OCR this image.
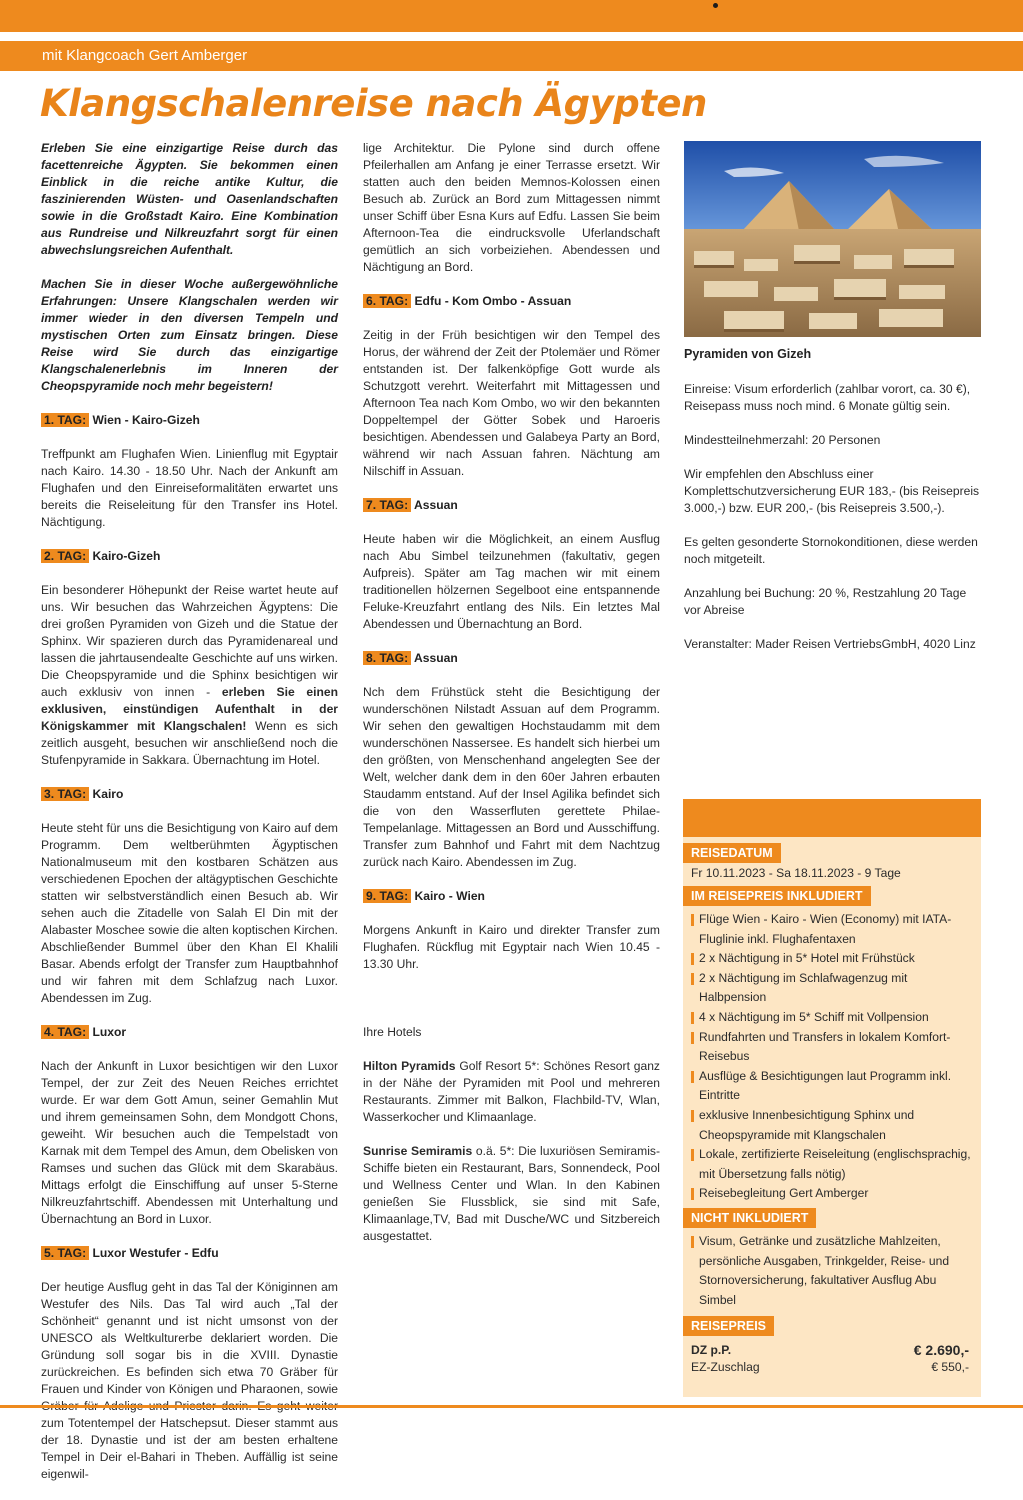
mit Klangcoach Gert Amberger
Klangschalenreise nach Ägypten

Erleben Sie eine einzigartige Reise durch das facettenreiche Ägypten. Sie bekommen einen Einblick in die reiche antike Kultur, die faszinierenden Wüsten- und Oasenlandschaften sowie in die Großstadt Kairo. Eine Kombination aus Rundreise und Nilkreuzfahrt sorgt für einen abwechslungsreichen Aufenthalt.

Machen Sie in dieser Woche außergewöhnliche Erfahrungen: Unsere Klangschalen werden wir immer wieder in den diversen Tempeln und mystischen Orten zum Einsatz bringen. Diese Reise wird Sie durch das einzigartige Klangschalenerlebnis im Inneren der Cheopspyramide noch mehr begeistern!

1. TAG: Wien - Kairo-Gizeh

Treffpunkt am Flughafen Wien. Linienflug mit Egyptair nach Kairo. 14.30 - 18.50 Uhr. Nach der Ankunft am Flughafen und den Einreiseformalitäten erwartet uns bereits die Reiseleitung für den Transfer ins Hotel. Nächtigung.

2. TAG: Kairo-Gizeh

Ein besonderer Höhepunkt der Reise wartet heute auf uns. Wir besuchen das Wahrzeichen Ägyptens: Die drei großen Pyramiden von Gizeh und die Statue der Sphinx. Wir spazieren durch das Pyramidenareal und lassen die jahrtausendealte Geschichte auf uns wirken. Die Cheopspyramide und die Sphinx besichtigen wir auch exklusiv von innen - erleben Sie einen exklusiven, einstündigen Aufenthalt in der Königskammer mit Klangschalen! Wenn es sich zeitlich ausgeht, besuchen wir anschließend noch die Stufenpyramide in Sakkara. Übernachtung im Hotel.

3. TAG: Kairo

Heute steht für uns die Besichtigung von Kairo auf dem Programm. Dem weltberühmten Ägyptischen Nationalmuseum mit den kostbaren Schätzen aus verschiedenen Epochen der altägyptischen Geschichte statten wir selbstverständlich einen Besuch ab. Wir sehen auch die Zitadelle von Salah El Din mit der Alabaster Moschee sowie die alten koptischen Kirchen. Abschließender Bummel über den Khan El Khalili Basar. Abends erfolgt der Transfer zum Hauptbahnhof und wir fahren mit dem Schlafzug nach Luxor. Abendessen im Zug.

4. TAG: Luxor

Nach der Ankunft in Luxor besichtigen wir den Luxor Tempel, der zur Zeit des Neuen Reiches errichtet wurde. Er war dem Gott Amun, seiner Gemahlin Mut und ihrem gemeinsamen Sohn, dem Mondgott Chons, geweiht. Wir besuchen auch die Tempelstadt von Karnak mit dem Tempel des Amun, dem Obelisken von Ramses und suchen das Glück mit dem Skarabäus. Mittags erfolgt die Einschiffung auf unser 5-Sterne Nilkreuzfahrtschiff. Abendessen mit Unterhaltung und Übernachtung an Bord in Luxor.

5. TAG: Luxor Westufer - Edfu

Der heutige Ausflug geht in das Tal der Königinnen am Westufer des Nils. Das Tal wird auch „Tal der Schönheit“ genannt und ist nicht umsonst von der UNESCO als Weltkulturerbe deklariert worden. Die Gründung soll sogar bis in die XVIII. Dynastie zurückreichen. Es befinden sich etwa 70 Gräber für Frauen und Kinder von Königen und Pharaonen, sowie zum Totentempel der Hatschepsut. Dieser stammt aus der 18. Dynastie und ist der am besten erhaltene Tempel in Deir el-Bahari in Theben. Auffällig ist seine eigenwil-

lige Architektur. Die Pylone sind durch offene Pfeilerhallen am Anfang je einer Terrasse ersetzt. Wir statten auch den beiden Memnos-Kolossen einen Besuch ab. Zurück an Bord zum Mittagessen nimmt unser Schiff über Esna Kurs auf Edfu. Lassen Sie beim Afternoon-Tea die eindrucksvolle Uferlandschaft gemütlich an sich vorbeiziehen. Abendessen und Nächtigung an Bord.

6. TAG: Edfu - Kom Ombo - Assuan

Zeitig in der Früh besichtigen wir den Tempel des Horus, der während der Zeit der Ptolemäer und Römer entstanden ist. Der falkenköpfige Gott wurde als Schutzgott verehrt. Weiterfahrt mit Mittagessen und Afternoon Tea nach Kom Ombo, wo wir den bekannten Doppeltempel der Götter Sobek und Haroeris besichtigen. Abendessen und Galabeya Party an Bord, während wir nach Assuan fahren. Nächtung am Nilschiff in Assuan.

7. TAG: Assuan

Heute haben wir die Möglichkeit, an einem Ausflug nach Abu Simbel teilzunehmen (fakultativ, gegen Aufpreis). Später am Tag machen wir mit einem traditionellen hölzernen Segelboot eine entspannende Feluke-Kreuzfahrt entlang des Nils. Ein letztes Mal Abendessen und Übernachtung an Bord.

8. TAG: Assuan

Nch dem Frühstück steht die Besichtigung der wunderschönen Nilstadt Assuan auf dem Programm. Wir sehen den gewaltigen Hochstaudamm mit dem wunderschönen Nassersee. Es handelt sich hierbei um den größten, von Menschenhand angelegten See der Welt, welcher dank dem in den 60er Jahren erbauten Staudamm entstand. Auf der Insel Agilika befindet sich die von den Wasserfluten gerettete Philae-Tempelanlage. Mittagessen an Bord und Ausschiffung. Transfer zum Bahnhof und Fahrt mit dem Nachtzug zurück nach Kairo. Abendessen im Zug.

9. TAG: Kairo - Wien

Morgens Ankunft in Kairo und direkter Transfer zum Flughafen. Rückflug mit Egyptair nach Wien 10.45 - 13.30 Uhr.

Ihre Hotels

Hilton Pyramids Golf Resort 5*: Schönes Resort ganz in der Nähe der Pyramiden mit Pool und mehreren Restaurants. Zimmer mit Balkon, Flachbild-TV, Wlan, Wasserkocher und Klimaanlage.

Sunrise Semiramis o.ä. 5*: Die luxuriösen Semiramis-Schiffe bieten ein Restaurant, Bars, Sonnendeck, Pool und Wellness Center und Wlan. In den Kabinen genießen Sie Flussblick, sie sind mit Safe, Klimaanlage,TV, Bad mit Dusche/WC und Sitzbereich ausgestattet.

Pyramiden von Gizeh

Einreise: Visum erforderlich (zahlbar vorort, ca. 30 €), Reisepass muss noch mind. 6 Monate gültig sein.

Mindestteilnehmerzahl: 20 Personen

Wir empfehlen den Abschluss einer Komplettschutzversicherung EUR 183,- (bis Reisepreis 3.000,-) bzw. EUR 200,- (bis Reisepreis 3.500,-).

Es gelten gesonderte Stornokonditionen, diese werden noch mitgeteilt.

Anzahlung bei Buchung: 20 %, Restzahlung 20 Tage vor Abreise

Veranstalter: Mader Reisen VertriebsGmbH, 4020 Linz

REISEDATUM
Fr 10.11.2023 - Sa 18.11.2023 - 9 Tage
IM REISEPREIS INKLUDIERT
Flüge Wien - Kairo - Wien (Economy) mit IATA-Fluglinie inkl. Flughafentaxen
2 x Nächtigung in 5* Hotel mit Frühstück
2 x Nächtigung im Schlafwagenzug mit Halbpension
4 x Nächtigung im 5* Schiff mit Vollpension
Rundfahrten und Transfers in lokalem Komfort-Reisebus
Ausflüge & Besichtigungen laut Programm inkl. Eintritte
exklusive Innenbesichtigung Sphinx und Cheopspyramide mit Klangschalen
Lokale, zertifizierte Reiseleitung (englischsprachig, mit Übersetzung falls nötig)
Reisebegleitung Gert Amberger
NICHT INKLUDIERT
Visum, Getränke und zusätzliche Mahlzeiten, persönliche Ausgaben, Trinkgelder, Reise- und Stornoversicherung, fakultativer Ausflug Abu Simbel
REISEPREIS
DZ p.P.	€ 2.690,-
EZ-Zuschlag	€ 550,-
